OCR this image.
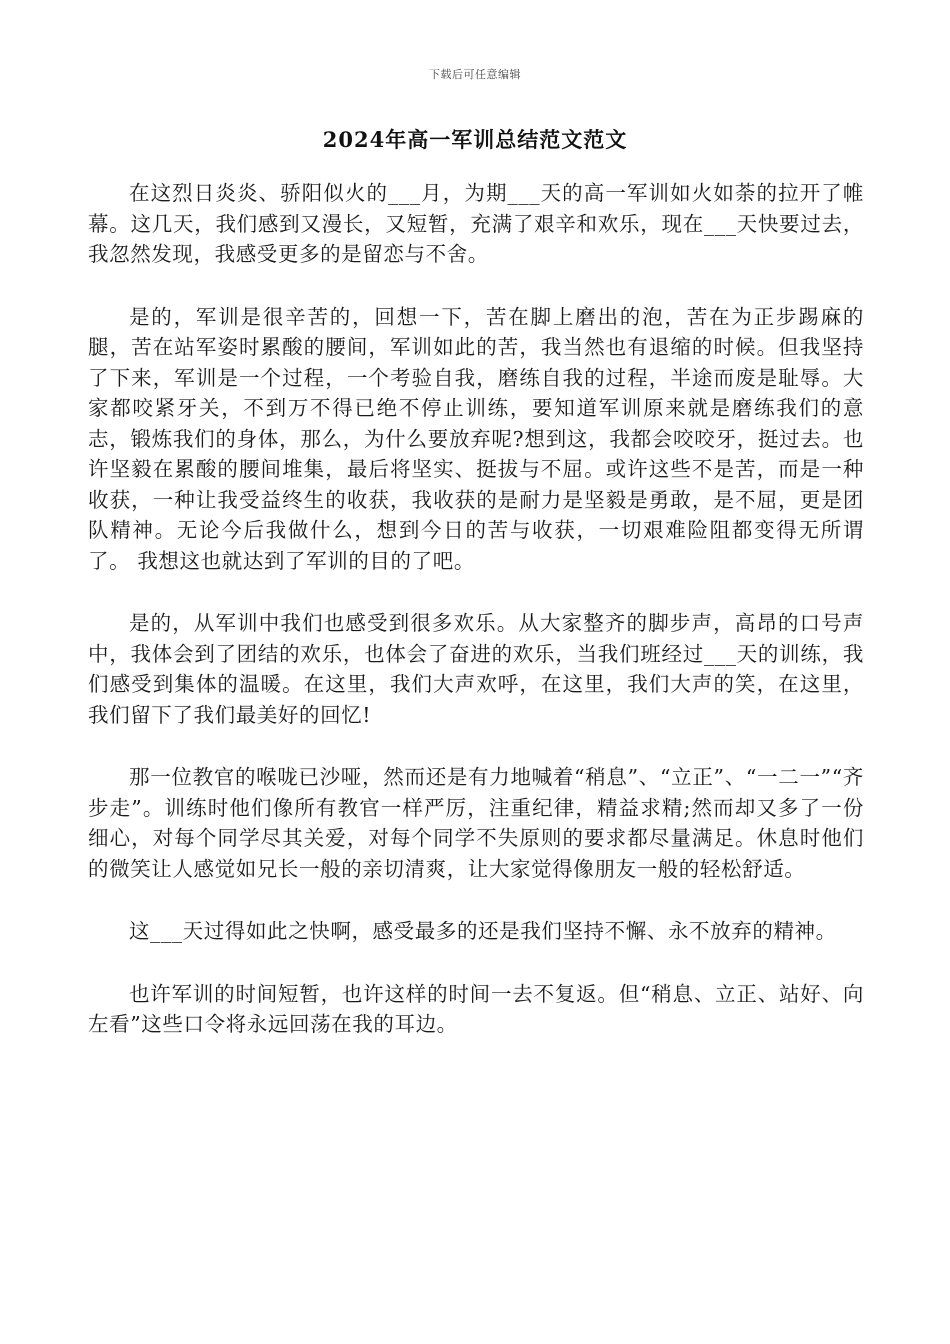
下载后可任意编辑
2024年高一军训总结范文范文

在这烈日炎炎、骄阳似火的___月，为期___天的高一军训如火如荼的拉开了帷幕。这几天，我们感到又漫长，又短暂，充满了艰辛和欢乐，现在___天快要过去，我忽然发现，我感受更多的是留恋与不舍。

是的，军训是很辛苦的，回想一下，苦在脚上磨出的泡，苦在为正步踢麻的腿，苦在站军姿时累酸的腰间，军训如此的苦，我当然也有退缩的时候。但我坚持了下来，军训是一个过程，一个考验自我，磨练自我的过程，半途而废是耻辱。大家都咬紧牙关，不到万不得已绝不停止训练，要知道军训原来就是磨练我们的意志，锻炼我们的身体，那么，为什么要放弃呢?想到这，我都会咬咬牙，挺过去。也许坚毅在累酸的腰间堆集，最后将坚实、挺拔与不屈。或许这些不是苦，而是一种收获，一种让我受益终生的收获，我收获的是耐力是坚毅是勇敢，是不屈，更是团队精神。无论今后我做什么，想到今日的苦与收获，一切艰难险阻都变得无所谓了。 我想这也就达到了军训的目的了吧。

是的，从军训中我们也感受到很多欢乐。从大家整齐的脚步声，高昂的口号声中，我体会到了团结的欢乐，也体会了奋进的欢乐，当我们班经过___天的训练，我们感受到集体的温暖。在这里，我们大声欢呼，在这里，我们大声的笑，在这里，我们留下了我们最美好的回忆!

那一位教官的喉咙已沙哑，然而还是有力地喊着“稍息”、“立正”、“一二一”“齐步走”。训练时他们像所有教官一样严厉，注重纪律，精益求精;然而却又多了一份细心，对每个同学尽其关爱，对每个同学不失原则的要求都尽量满足。休息时他们的微笑让人感觉如兄长一般的亲切清爽，让大家觉得像朋友一般的轻松舒适。

这___天过得如此之快啊，感受最多的还是我们坚持不懈、永不放弃的精神。

也许军训的时间短暂，也许这样的时间一去不复返。但“稍息、立正、站好、向左看”这些口令将永远回荡在我的耳边。
